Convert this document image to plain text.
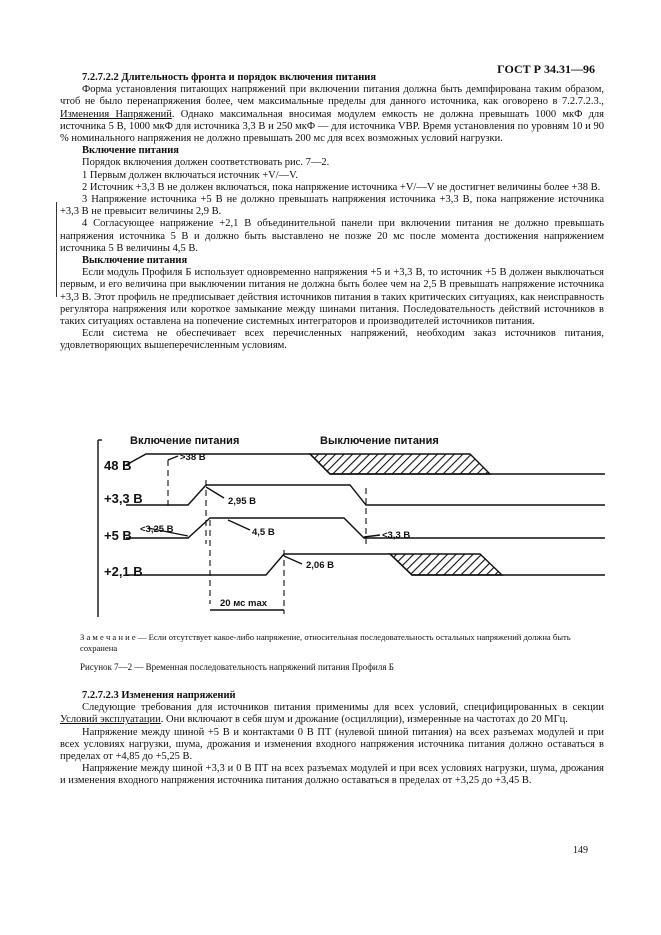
ГОСТ Р 34.31—96
7.2.7.2.2 Длительность фронта и порядок включения питания

Форма установления питающих напряжений при включении питания должна быть демпфирована таким образом, чтоб не было перенапряжения более, чем максимальные пределы для данного источника, как оговорено в 7.2.7.2.3., Изменения Напряжений. Однако максимальная вносимая модулем емкость не должна превышать 1000 мкФ для источника 5 В, 1000 мкФ для источника 3,3 В и 250 мкФ — для источника VBP. Время установления по уровням 10 и 90 % номинального напряжения не должно превышать 200 мс для всех возможных условий нагрузки.

Включение питания

Порядок включения должен соответствовать рис. 7—2.

1 Первым должен включаться источник +V/—V.

2 Источник +3,3 В не должен включаться, пока напряжение источника +V/—V не достигнет величины более +38 В.

3 Напряжение источника +5 В не должно превышать напряжения источника +3,3 В, пока напряжение источника +3,3 В не превысит величины 2,9 В.

4 Согласующее напряжение +2,1 В объединительной панели при включении питания не должно превышать напряжения источника 5 В и должно быть выставлено не позже 20 мс после момента достижения напряжением источника 5 В величины 4,5 В.

Выключение питания

Если модуль Профиля Б использует одновременно напряжения +5 и +3,3 В, то источник +5 В должен выключаться первым, и его величина при выключении питания не должна быть более чем на 2,5 В превышать напряжение источника +3,3 В. Этот профиль не предписывает действия источников питания в таких критических ситуациях, как неисправность регулятора напряжения или короткое замыкание между шинами питания. Последовательность действий источников в таких ситуациях оставлена на попечение системных интеграторов и производителей источников питания.

Если система не обеспечивает всех перечисленных напряжений, необходим заказ источников питания, удовлетворяющих вышеперечисленным условиям.

Включение питания	Выключение питания
48 В
+3,3 В
+5 В
+2,1 В
>38 В
2,95 В
<3,25 В	4,5 В	<3,3 В
2,06 В
20 мс max
З а м е ч а н и е — Если отсутствует какое-либо напряжение, относительная последовательность остальных напряжений должна быть сохранена
Рисунок 7—2 — Временная последовательность напряжений питания Профиля Б
7.2.7.2.3 Изменения напряжений

Следующие требования для источников питания применимы для всех условий, специфицированных в секции Условий эксплуатации. Они включают в себя шум и дрожание (осцилляции), измеренные на частотах до 20 МГц.

Напряжение между шиной +5 В и контактами 0 В ПТ (нулевой шиной питания) на всех разъемах модулей и при всех условиях нагрузки, шума, дрожания и изменения входного напряжения источника питания должно оставаться в пределах от +4,85 до +5,25 В.

Напряжение между шиной +3,3 и 0 В ПТ на всех разъемах модулей и при всех условиях нагрузки, шума, дрожания и изменения входного напряжения источника питания должно оставаться в пределах от +3,25 до +3,45 В.

149
